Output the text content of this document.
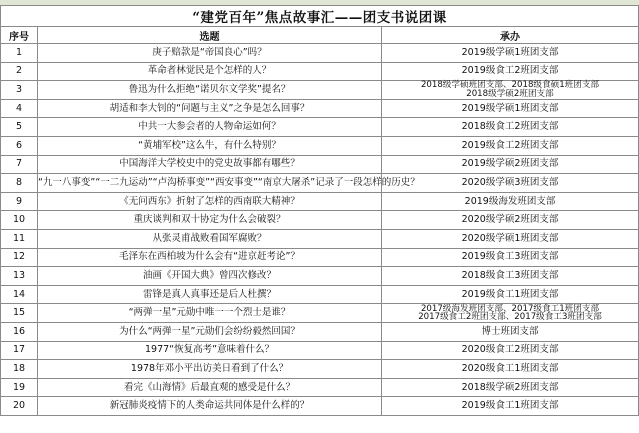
“建党百年”焦点故事汇——团支书说团课		
序号	选题	承办
1	庚子赔款是“帝国良心”吗？	2019级学硕1班团支部

2	革命者林觉民是个怎样的人？	2019级食工2班团支部

3	鲁迅为什么拒绝“诺贝尔文学奖”提名？	2018级学硕班团支部、2018级食硕1班团支部
2018级学硕2班团支部

4	胡适和李大钊的“问题与主义”之争是怎么回事？	2019级学硕1班团支部

5	中共一大参会者的人物命运如何？	2018级食工2班团支部

6	“黄埔军校”这么牛，有什么特别？	2019级食工2班团支部

7	中国海洋大学校史中的党史故事都有哪些？	2019级学硕2班团支部

8	“九一八事变”“一二九运动”“卢沟桥事变”“西安事变”“南京大屠杀”记录了一段怎样的历史？	2020级学硕3班团支部

9	《无问西东》折射了怎样的西南联大精神？	2019级海发班团支部

10	重庆谈判和双十协定为什么会破裂？	2020级学硕2班团支部

11	从张灵甫战败看国军腐败？	2020级学硕1班团支部

12	毛泽东在西柏坡为什么会有“进京赶考论”？	2019级食工3班团支部

13	油画《开国大典》曾四次修改？	2018级食工3班团支部

14	雷锋是真人真事还是后人杜撰？	2019级食工1班团支部

15	“两弹一星”元勋中唯一一个烈士是谁？	2017级海发班团支部、2017级食工1班团支部
2017级食工2班团支部、2017级食工3班团支部

16	为什么“两弹一星”元勋们会纷纷毅然回国？	博士班团支部

17	1977“恢复高考”意味着什么？	2020级食工2班团支部

18	1978年邓小平出访美日看到了什么？	2020级食工1班团支部

19	看完《山海情》后最直观的感受是什么？	2018级学硕2班团支部

20	新冠肺炎疫情下的人类命运共同体是什么样的？	2019级食工1班团支部
